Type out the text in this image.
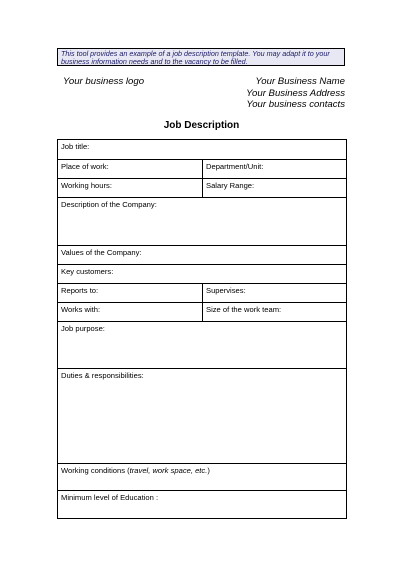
This tool provides an example of a job description template. You may adapt it to your business information needs and to the vacancy to be filled.
Your business logo	Your Business Name
Your Business Address
Your business contacts
Job Description
Job title:
Place of work:	Department/Unit:
Working hours:	Salary Range:
Description of the Company:
Values of the Company:
Key customers:
Reports to:	Supervises:
Works with:	Size of the work team:
Job purpose:
Duties & responsibilities:
Working conditions (travel, work space, etc.)
Minimum level of Education :
